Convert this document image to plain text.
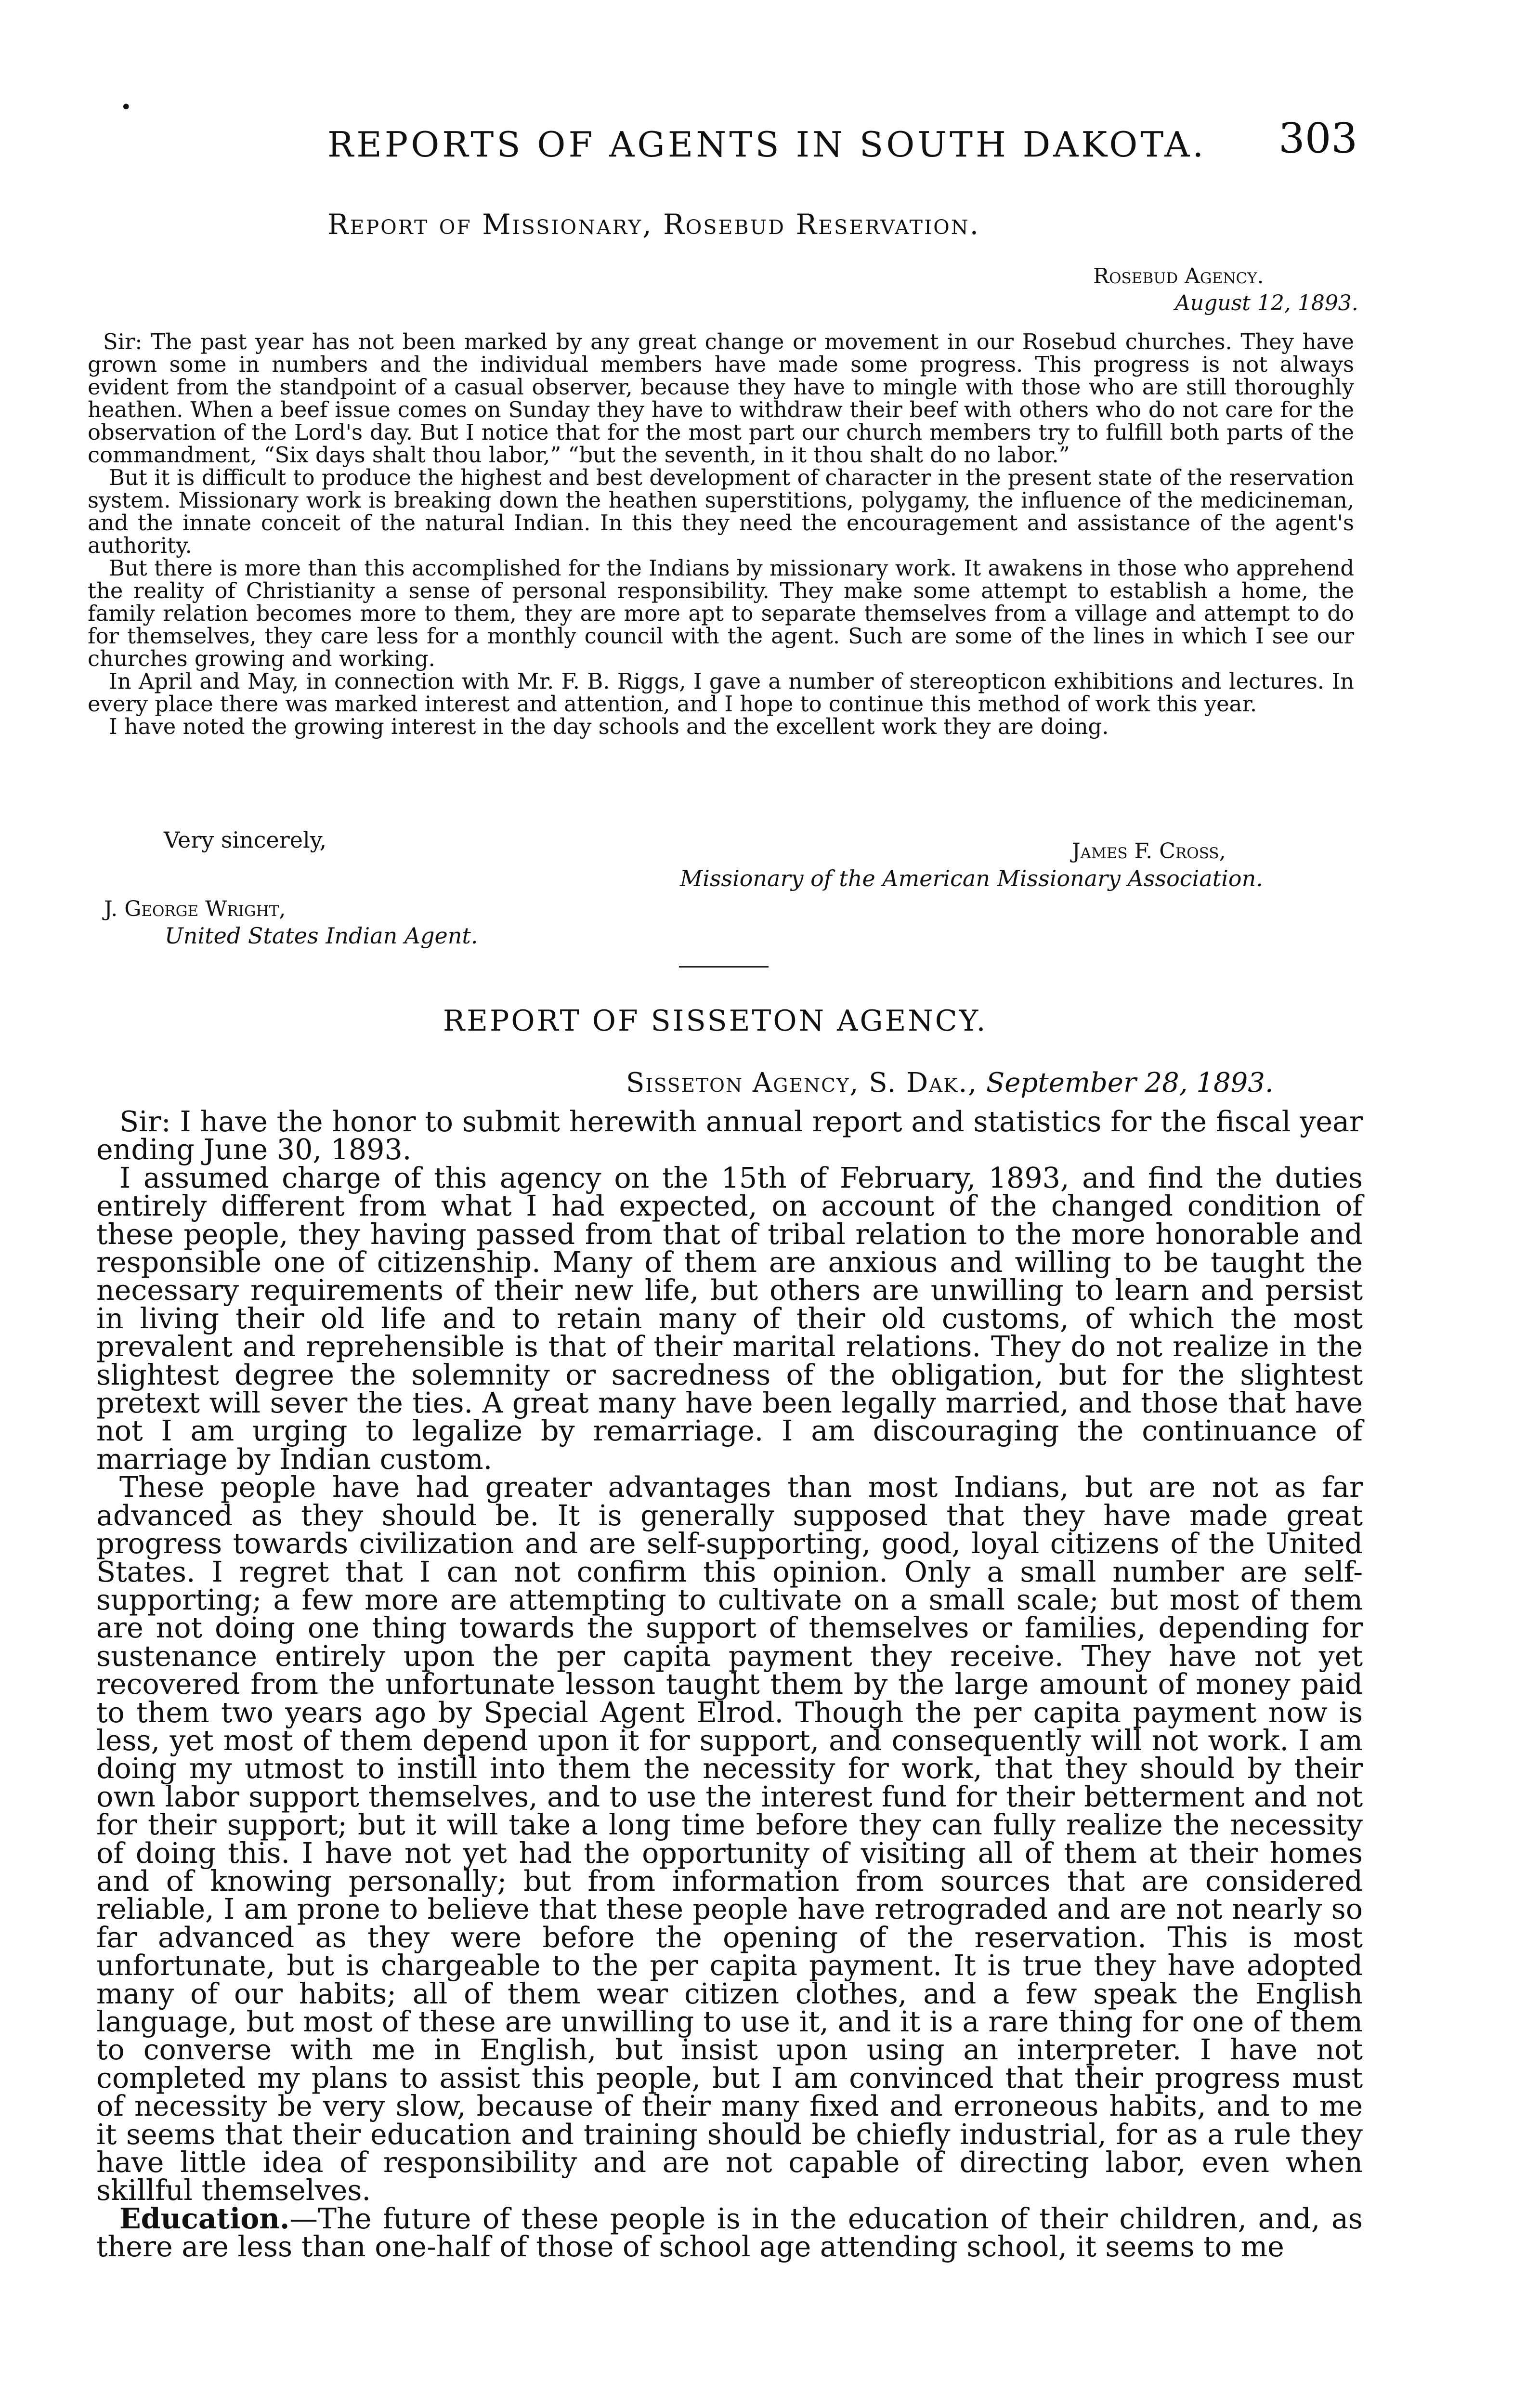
•
REPORTS OF AGENTS IN SOUTH DAKOTA. 303
Report of Missionary, Rosebud Reservation.
Rosebud Agency.
August 12, 1893.

Sir: The past year has not been marked by any great change or movement in our Rosebud churches. They have grown some in numbers and the individual members have made some progress. This progress is not always evident from the standpoint of a casual observer, because they have to mingle with those who are still thoroughly heathen. When a beef issue comes on Sunday they have to withdraw their beef with others who do not care for the observation of the Lord's day. But I notice that for the most part our church members try to fulfill both parts of the commandment, “Six days shalt thou labor,” “but the seventh, in it thou shalt do no labor.”

But it is difficult to produce the highest and best development of character in the present state of the reservation system. Missionary work is breaking down the heathen superstitions, polygamy, the influence of the medicineman, and the innate conceit of the natural Indian. In this they need the encouragement and assistance of the agent's authority.

But there is more than this accomplished for the Indians by missionary work. It awakens in those who apprehend the reality of Christianity a sense of personal responsibility. They make some attempt to establish a home, the family relation becomes more to them, they are more apt to separate themselves from a village and attempt to do for themselves, they care less for a monthly council with the agent. Such are some of the lines in which I see our churches growing and working.

In April and May, in connection with Mr. F. B. Riggs, I gave a number of stereopticon exhibitions and lectures. In every place there was marked interest and attention, and I hope to continue this method of work this year.

I have noted the growing interest in the day schools and the excellent work they are doing.

Very sincerely,	James F. Cross,
Missionary of the American Missionary Association.
J. George Wright,
United States Indian Agent.
REPORT OF SISSETON AGENCY.
Sisseton Agency, S. Dak., September 28, 1893.

Sir: I have the honor to submit herewith annual report and statistics for the fiscal year ending June 30, 1893.

I assumed charge of this agency on the 15th of February, 1893, and find the duties entirely different from what I had expected, on account of the changed condition of these people, they having passed from that of tribal relation to the more honorable and responsible one of citizenship. Many of them are anxious and willing to be taught the necessary requirements of their new life, but others are unwilling to learn and persist in living their old life and to retain many of their old customs, of which the most prevalent and reprehensible is that of their marital relations. They do not realize in the slightest degree the solemnity or sacredness of the obligation, but for the slightest pretext will sever the ties. A great many have been legally married, and those that have not I am urging to legalize by remarriage. I am discouraging the continuance of marriage by Indian custom.

These people have had greater advantages than most Indians, but are not as far advanced as they should be. It is generally supposed that they have made great progress towards civilization and are self-supporting, good, loyal citizens of the United States. I regret that I can not confirm this opinion. Only a small number are self-supporting; a few more are attempting to cultivate on a small scale; but most of them are not doing one thing towards the support of themselves or families, depending for sustenance entirely upon the per capita payment they receive. They have not yet recovered from the unfortunate lesson taught them by the large amount of money paid to them two years ago by Special Agent Elrod. Though the per capita payment now is less, yet most of them depend upon it for support, and consequently will not work. I am doing my utmost to instill into them the necessity for work, that they should by their own labor support themselves, and to use the interest fund for their betterment and not for their support; but it will take a long time before they can fully realize the necessity of doing this. I have not yet had the opportunity of visiting all of them at their homes and of knowing personally; but from information from sources that are considered reliable, I am prone to believe that these people have retrograded and are not nearly so far advanced as they were before the opening of the reservation. This is most unfortunate, but is chargeable to the per capita payment. It is true they have adopted many of our habits; all of them wear citizen clothes, and a few speak the English language, but most of these are unwilling to use it, and it is a rare thing for one of them to converse with me in English, but insist upon using an interpreter. I have not completed my plans to assist this people, but I am convinced that their progress must of necessity be very slow, because of their many fixed and erroneous habits, and to me it seems that their education and training should be chiefly industrial, for as a rule they have little idea of responsibility and are not capable of directing labor, even when skillful themselves.

Education.—The future of these people is in the education of their children, and, as there are less than one-half of those of school age attending school, it seems to me
